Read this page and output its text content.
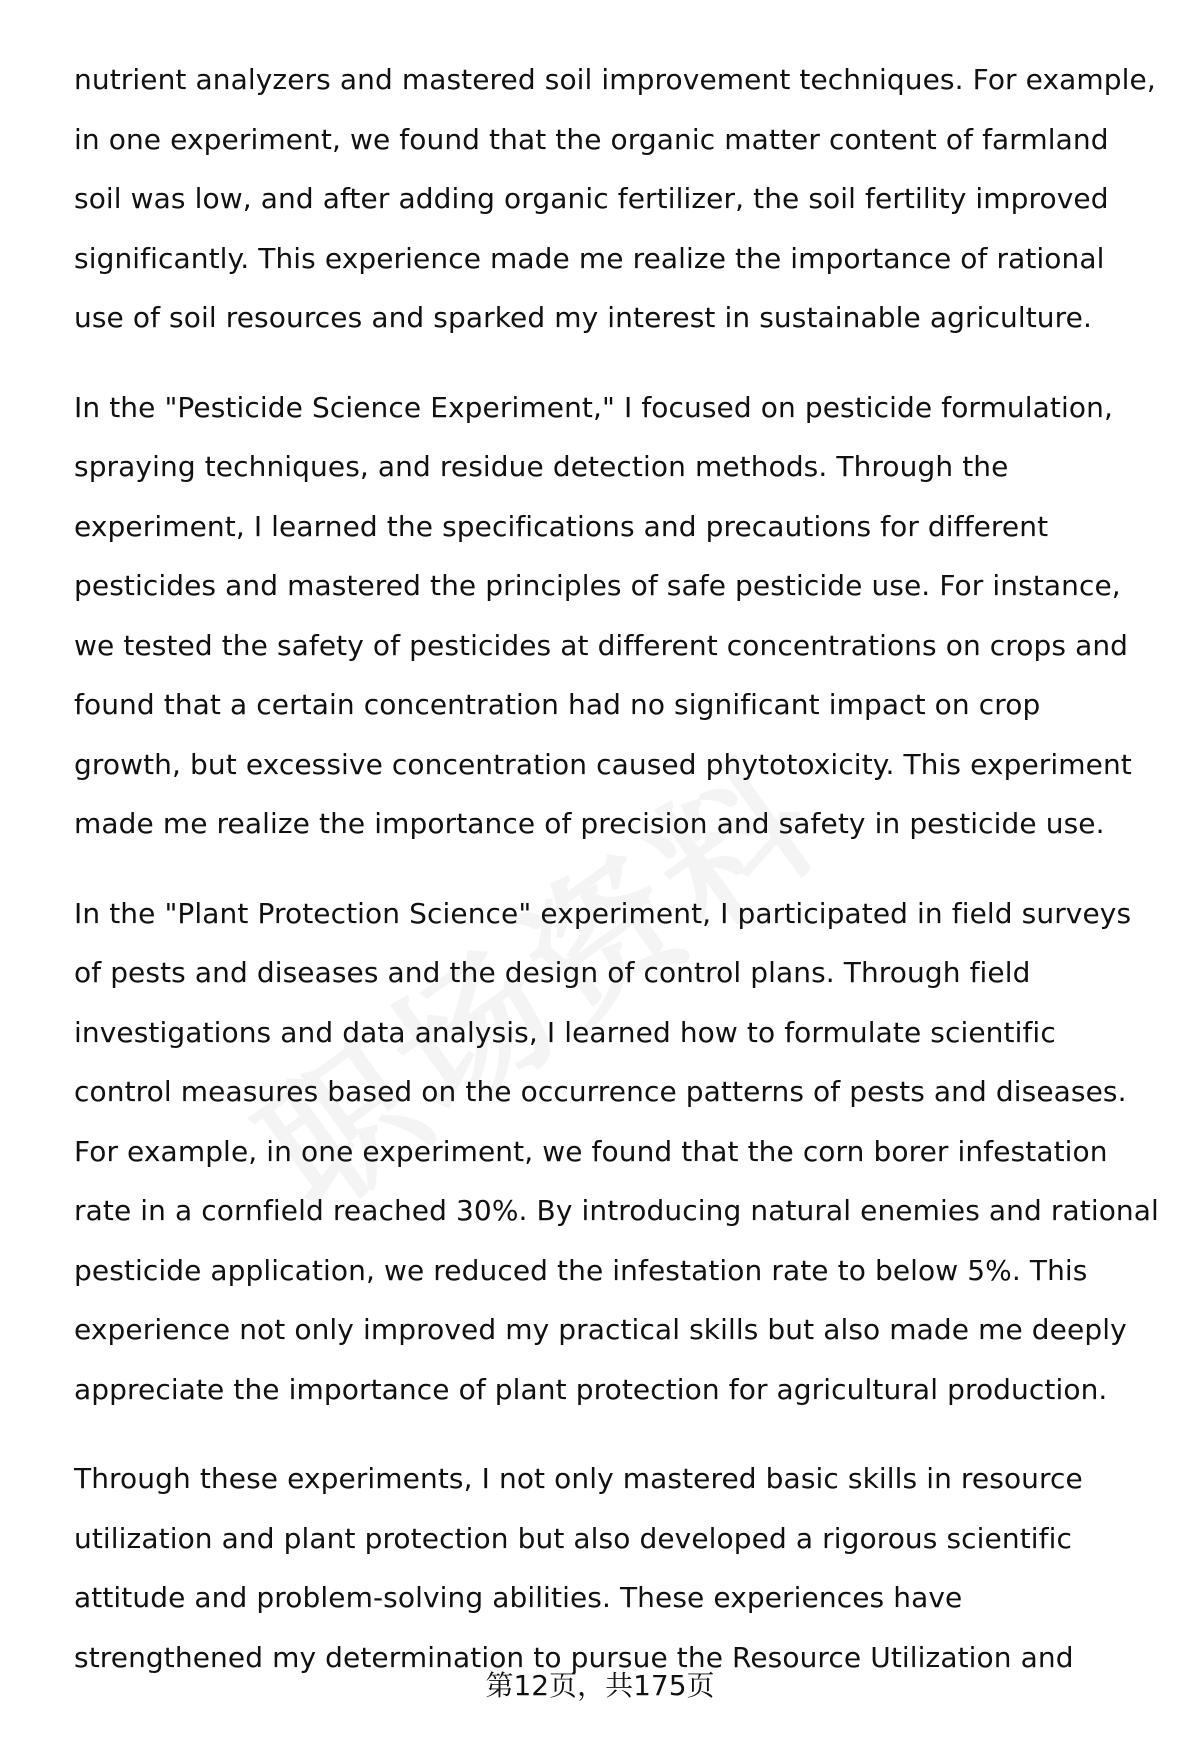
nutrient analyzers and mastered soil improvement techniques. For example,
in one experiment, we found that the organic matter content of farmland
soil was low, and after adding organic fertilizer, the soil fertility improved
significantly. This experience made me realize the importance of rational
use of soil resources and sparked my interest in sustainable agriculture.

In the "Pesticide Science Experiment," I focused on pesticide formulation,
spraying techniques, and residue detection methods. Through the
experiment, I learned the specifications and precautions for different
pesticides and mastered the principles of safe pesticide use. For instance,
we tested the safety of pesticides at different concentrations on crops and
found that a certain concentration had no significant impact on crop
growth, but excessive concentration caused phytotoxicity. This experiment
made me realize the importance of precision and safety in pesticide use.

In the "Plant Protection Science" experiment, I participated in field surveys
of pests and diseases and the design of control plans. Through field
investigations and data analysis, I learned how to formulate scientific
control measures based on the occurrence patterns of pests and diseases.
For example, in one experiment, we found that the corn borer infestation
rate in a cornfield reached 30%. By introducing natural enemies and rational
pesticide application, we reduced the infestation rate to below 5%. This
experience not only improved my practical skills but also made me deeply
appreciate the importance of plant protection for agricultural production.

Through these experiments, I not only mastered basic skills in resource
utilization and plant protection but also developed a rigorous scientific
attitude and problem-solving abilities. These experiences have
strengthened my determination to pursue the Resource Utilization and

第12页，共175页
